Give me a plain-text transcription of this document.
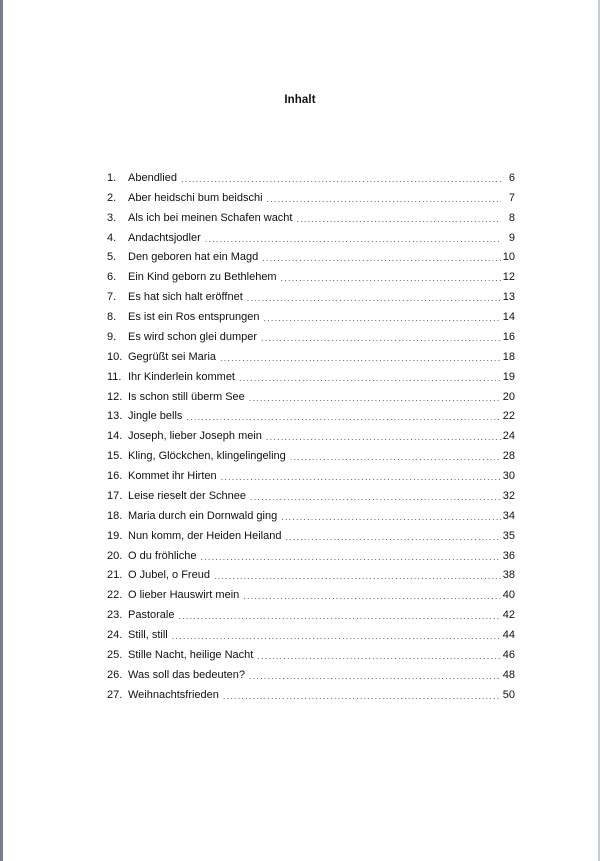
Inhalt
1.	Abendlied .....	6
2.	Aber heidschi bum beidschi .....	7
3.	Als ich bei meinen Schafen wacht .....	8
4.	Andachtsjodler .....	9
5.	Den geboren hat ein Magd .....	10
6.	Ein Kind geborn zu Bethlehem .....	12
7.	Es hat sich halt eröffnet .....	13
8.	Es ist ein Ros entsprungen .....	14
9.	Es wird schon glei dumper .....	16
10. Gegrüßt sei Maria .....	18
11. Ihr Kinderlein kommet .....	19
12. Is schon still überm See .....	20
13. Jingle bells .....	22
14. Joseph, lieber Joseph mein .....	24
15. Kling, Glöckchen, klingelingeling .....	28
16. Kommet ihr Hirten .....	30
17. Leise rieselt der Schnee .....	32
18. Maria durch ein Dornwald ging .....	34
19. Nun komm, der Heiden Heiland .....	35
20. O du fröhliche .....	36
21. O Jubel, o Freud .....	38
22. O lieber Hauswirt mein .....	40
23. Pastorale .....	42
24. Still, still .....	44
25. Stille Nacht, heilige Nacht .....	46
26. Was soll das bedeuten? .....	48
27. Weihnachtsfrieden .....	50
